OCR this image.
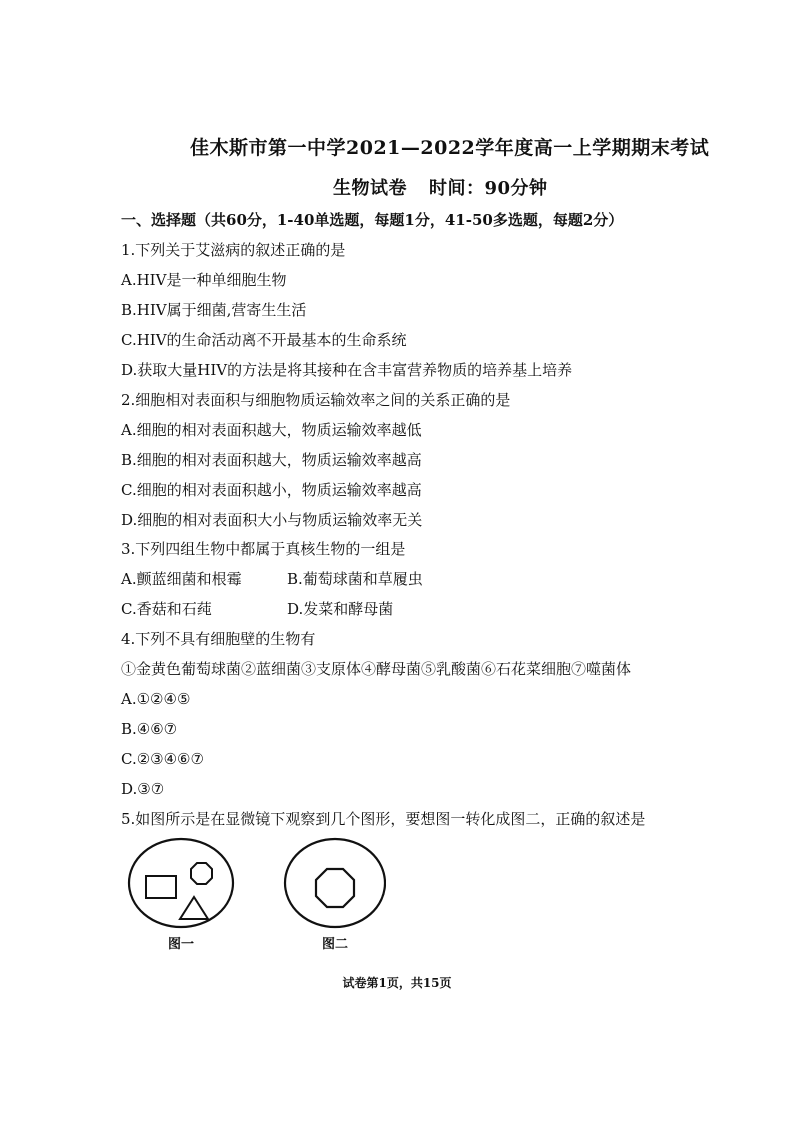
佳木斯市第一中学2021—2022学年度高一上学期期末考试
生物试卷 时间：90分钟
一、选择题（共60分，1-40单选题，每题1分，41-50多选题，每题2分）
1.下列关于艾滋病的叙述正确的是
A.HIV是一种单细胞生物
B.HIV属于细菌,营寄生生活
C.HIV的生命活动离不开最基本的生命系统
D.获取大量HIV的方法是将其接种在含丰富营养物质的培养基上培养
2.细胞相对表面积与细胞物质运输效率之间的关系正确的是
A.细胞的相对表面积越大，物质运输效率越低
B.细胞的相对表面积越大，物质运输效率越高
C.细胞的相对表面积越小，物质运输效率越高
D.细胞的相对表面积大小与物质运输效率无关
3.下列四组生物中都属于真核生物的一组是
A.颤蓝细菌和根霉	B.葡萄球菌和草履虫
C.香菇和石莼	D.发菜和酵母菌
4.下列不具有细胞壁的生物有
①金黄色葡萄球菌②蓝细菌③支原体④酵母菌⑤乳酸菌⑥石花菜细胞⑦噬菌体
A.①②④⑤
B.④⑥⑦
C.②③④⑥⑦
D.③⑦
5.如图所示是在显微镜下观察到几个图形，要想图一转化成图二，正确的叙述是
图一	图二
试卷第1页，共15页
